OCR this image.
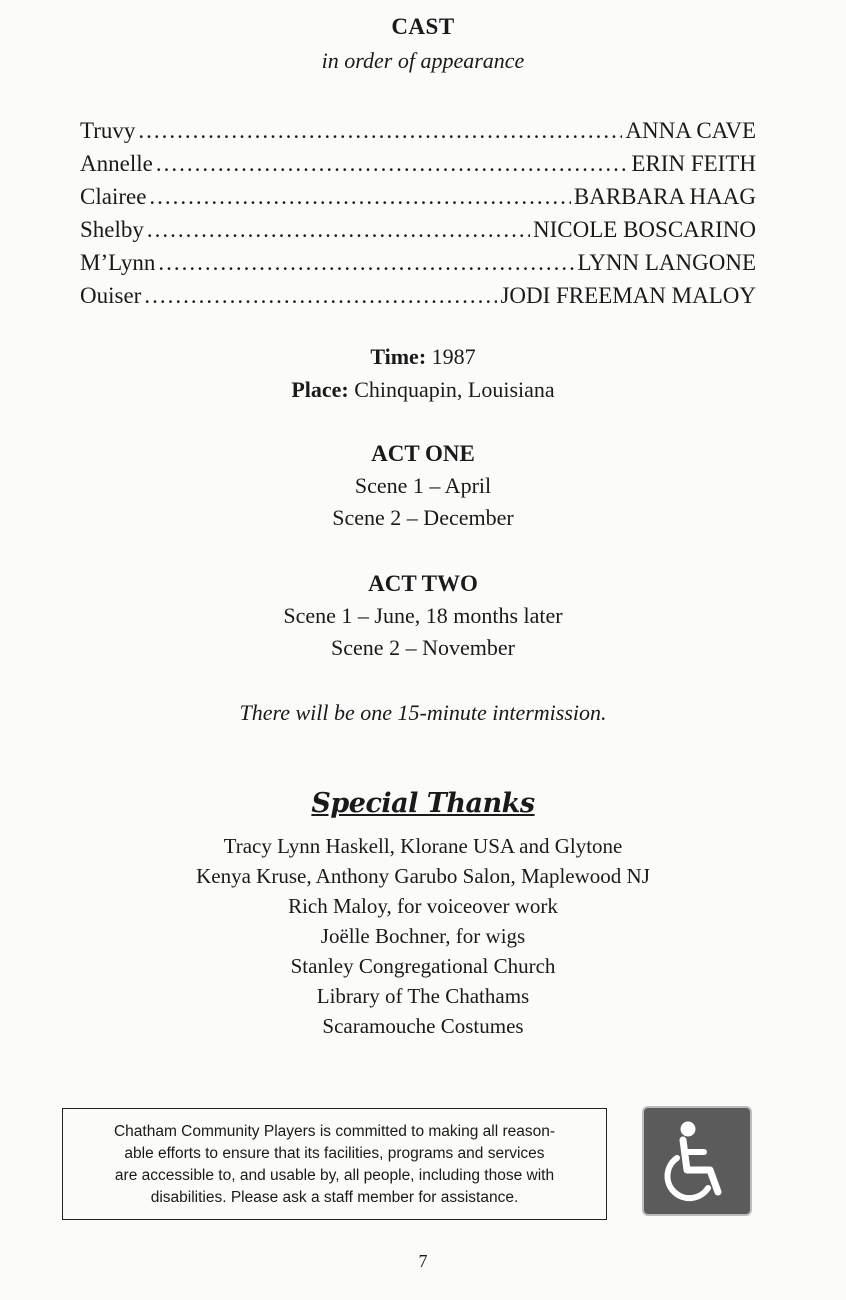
CAST
in order of appearance
Truvy .....	ANNA CAVE
Annelle .....	ERIN FEITH
Clairee .....	BARBARA HAAG
Shelby .....	NICOLE BOSCARINO
M’Lynn .....	LYNN LANGONE
Ouiser .....	JODI FREEMAN MALOY
Time: 1987
Place: Chinquapin, Louisiana
ACT ONE
Scene 1 – April
Scene 2 – December
ACT TWO
Scene 1 – June, 18 months later
Scene 2 – November
There will be one 15-minute intermission.
Special Thanks
Tracy Lynn Haskell, Klorane USA and Glytone
Kenya Kruse, Anthony Garubo Salon, Maplewood NJ
Rich Maloy, for voiceover work
Joëlle Bochner, for wigs
Stanley Congregational Church
Library of The Chathams
Scaramouche Costumes
Chatham Community Players is committed to making all reason-
able efforts to ensure that its facilities, programs and services
are accessible to, and usable by, all people, including those with
disabilities. Please ask a staff member for assistance.
7
